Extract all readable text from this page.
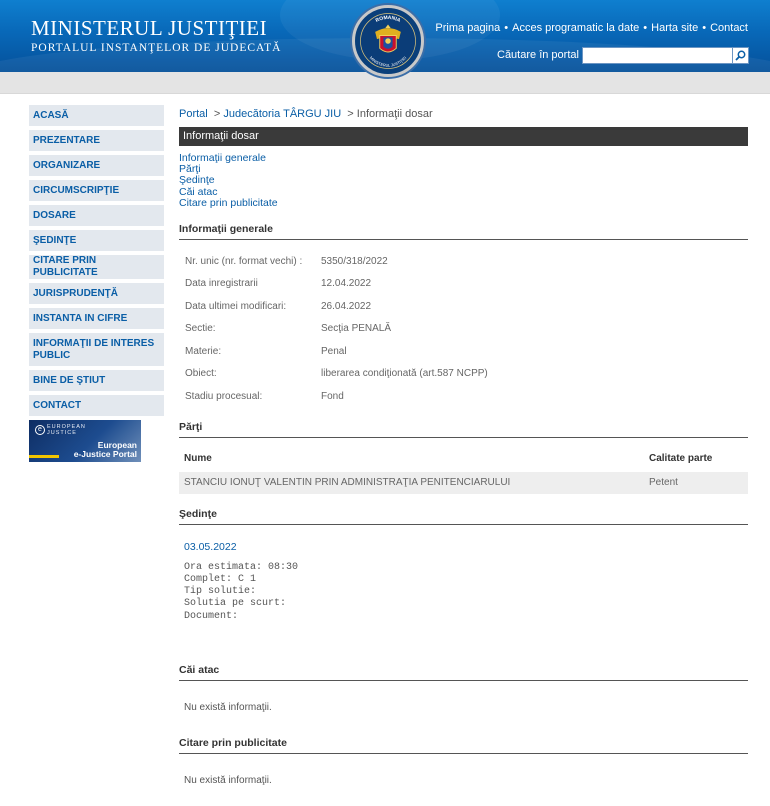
MINISTERUL JUSTIŢIEI
PORTALUL INSTANŢELOR DE JUDECATĂ
Prima pagina • Acces programatic la date • Harta site • Contact
Căutare în portal
ROMANIA
MINISTERUL JUSTIŢIEI
ACASĂ
PREZENTARE
ORGANIZARE
CIRCUMSCRIPŢIE
DOSARE
ŞEDINŢE
CITARE PRIN PUBLICITATE
JURISPRUDENŢĂ
INSTANTA IN CIFRE
INFORMAŢII DE INTERES PUBLIC
BINE DE ŞTIUT
CONTACT
e EUROPEAN
JUSTICE
European
e-Justice Portal
Portal > Judecătoria TÂRGU JIU > Informaţii dosar
Informaţii dosar
Informaţii generale
Părţi
Şedinţe
Căi atac
Citare prin publicitate
Informaţii generale
Nr. unic (nr. format vechi) :	5350/318/2022
Data inregistrarii	12.04.2022
Data ultimei modificari:	26.04.2022
Sectie:	Secţia PENALĂ
Materie:	Penal
Obiect:	liberarea condiţionată (art.587 NCPP)
Stadiu procesual:	Fond
Părţi
Nume	Calitate parte
STANCIU IONUŢ VALENTIN PRIN ADMINISTRAŢIA PENITENCIARULUI	Petent
Şedinţe
03.05.2022
Ora estimata: 08:30
Complet: C 1
Tip solutie:
Solutia pe scurt:
Document:
Căi atac
Nu există informaţii.
Citare prin publicitate
Nu există informaţii.
